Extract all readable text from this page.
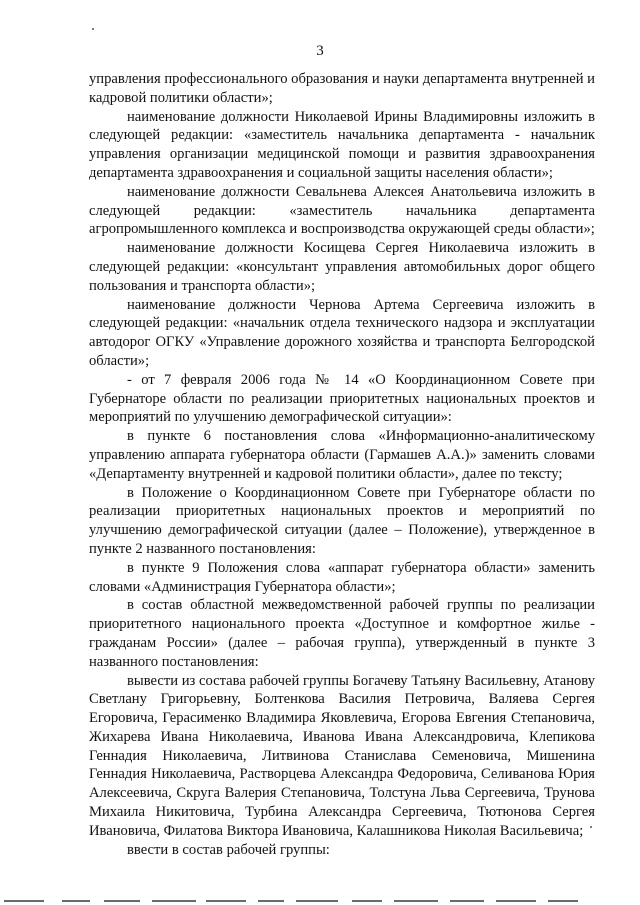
3

управления профессионального образования и науки департамента внутренней и кадровой политики области»;

наименование должности Николаевой Ирины Владимировны изложить в следующей редакции: «заместитель начальника департамента - начальник управления организации медицинской помощи и развития здравоохранения департамента здравоохранения и социальной защиты населения области»;

наименование должности Севальнева Алексея Анатольевича изложить в следующей редакции: «заместитель начальника департамента агропромышленного комплекса и воспроизводства окружающей среды области»;

наименование должности Косищева Сергея Николаевича изложить в следующей редакции: «консультант управления автомобильных дорог общего пользования и транспорта области»;

наименование должности Чернова Артема Сергеевича изложить в следующей редакции: «начальник отдела технического надзора и эксплуатации автодорог ОГКУ «Управление дорожного хозяйства и транспорта Белгородской области»;

- от 7 февраля 2006 года № 14 «О Координационном Совете при Губернаторе области по реализации приоритетных национальных проектов и мероприятий по улучшению демографической ситуации»:

в пункте 6 постановления слова «Информационно-аналитическому управлению аппарата губернатора области (Гармашев А.А.)» заменить словами «Департаменту внутренней и кадровой политики области», далее по тексту;

в Положение о Координационном Совете при Губернаторе области по реализации приоритетных национальных проектов и мероприятий по улучшению демографической ситуации (далее – Положение), утвержденное в пункте 2 названного постановления:

в пункте 9 Положения слова «аппарат губернатора области» заменить словами «Администрация Губернатора области»;

в состав областной межведомственной рабочей группы по реализации приоритетного национального проекта «Доступное и комфортное жилье - гражданам России» (далее – рабочая группа), утвержденный в пункте 3 названного постановления:

вывести из состава рабочей группы Богачеву Татьяну Васильевну, Атанову Светлану Григорьевну, Болтенкова Василия Петровича, Валяева Сергея Егоровича, Герасименко Владимира Яковлевича, Егорова Евгения Степановича, Жихарева Ивана Николаевича, Иванова Ивана Александровича, Клепикова Геннадия Николаевича, Литвинова Станислава Семеновича, Мишенина Геннадия Николаевича, Растворцева Александра Федоровича, Селиванова Юрия Алексеевича, Скруга Валерия Степановича, Толстуна Льва Сергеевича, Трунова Михаила Никитовича, Турбина Александра Сергеевича, Тютюнова Сергея Ивановича, Филатова Виктора Ивановича, Калашникова Николая Васильевича;

ввести в состав рабочей группы:
